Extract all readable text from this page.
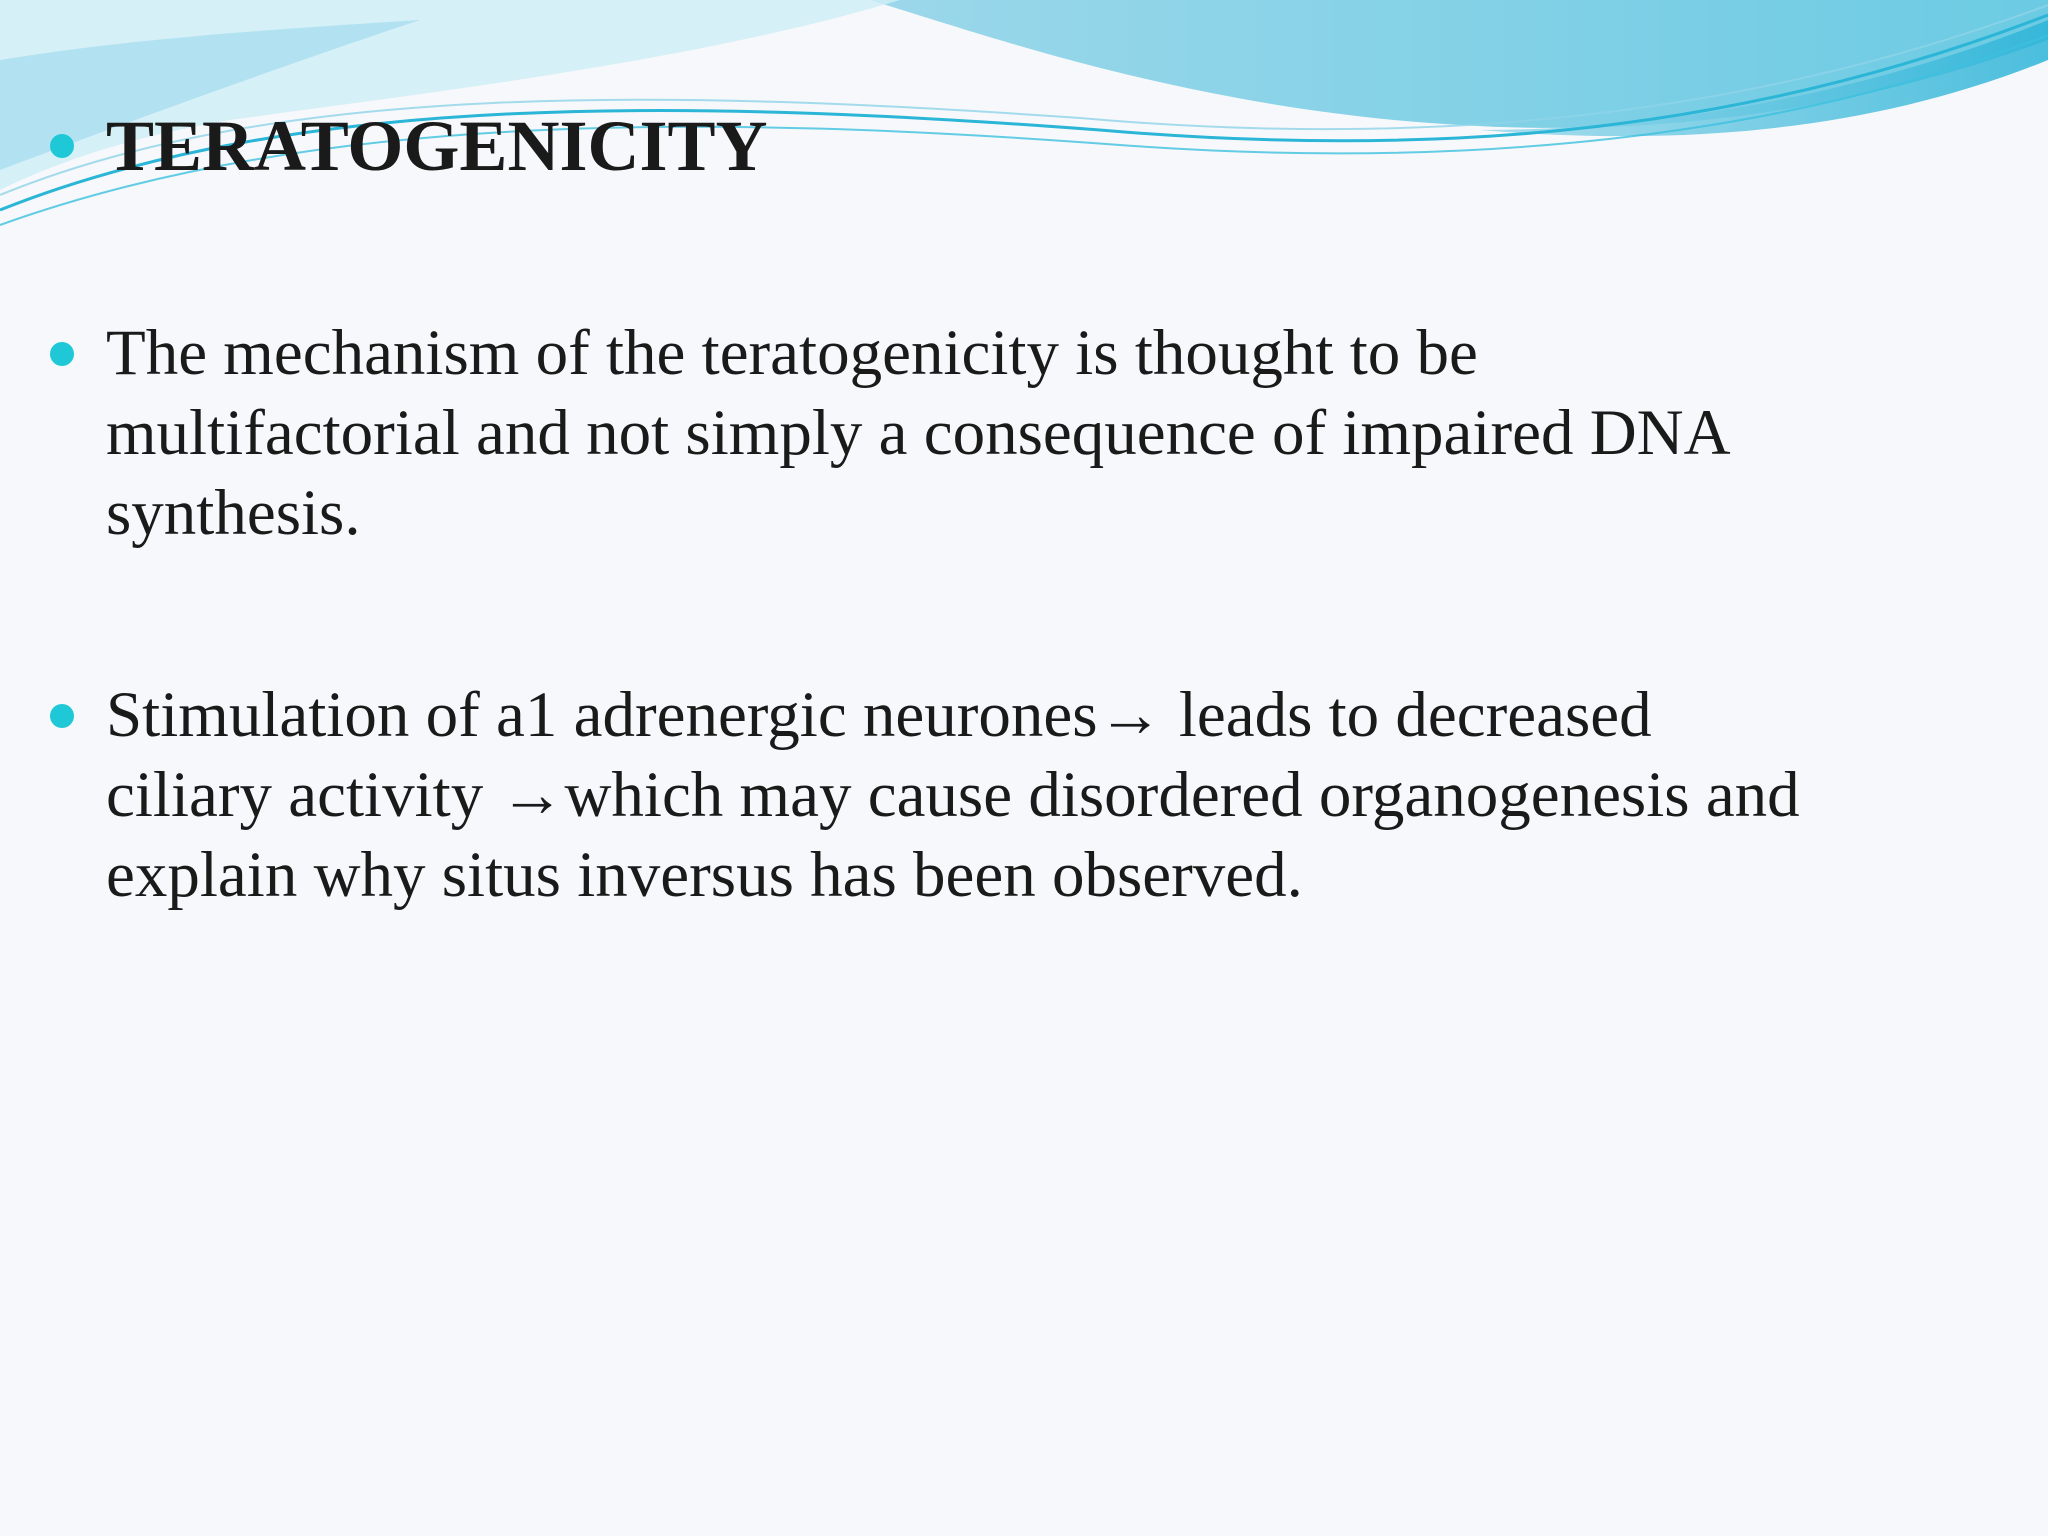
TERATOGENICITY

The mechanism of the teratogenicity is thought to be
multifactorial and not simply a consequence of impaired DNA
synthesis.

Stimulation of a1 adrenergic neurones→ leads to decreased
ciliary activity →which may cause disordered organogenesis and
explain why situs inversus has been observed.
